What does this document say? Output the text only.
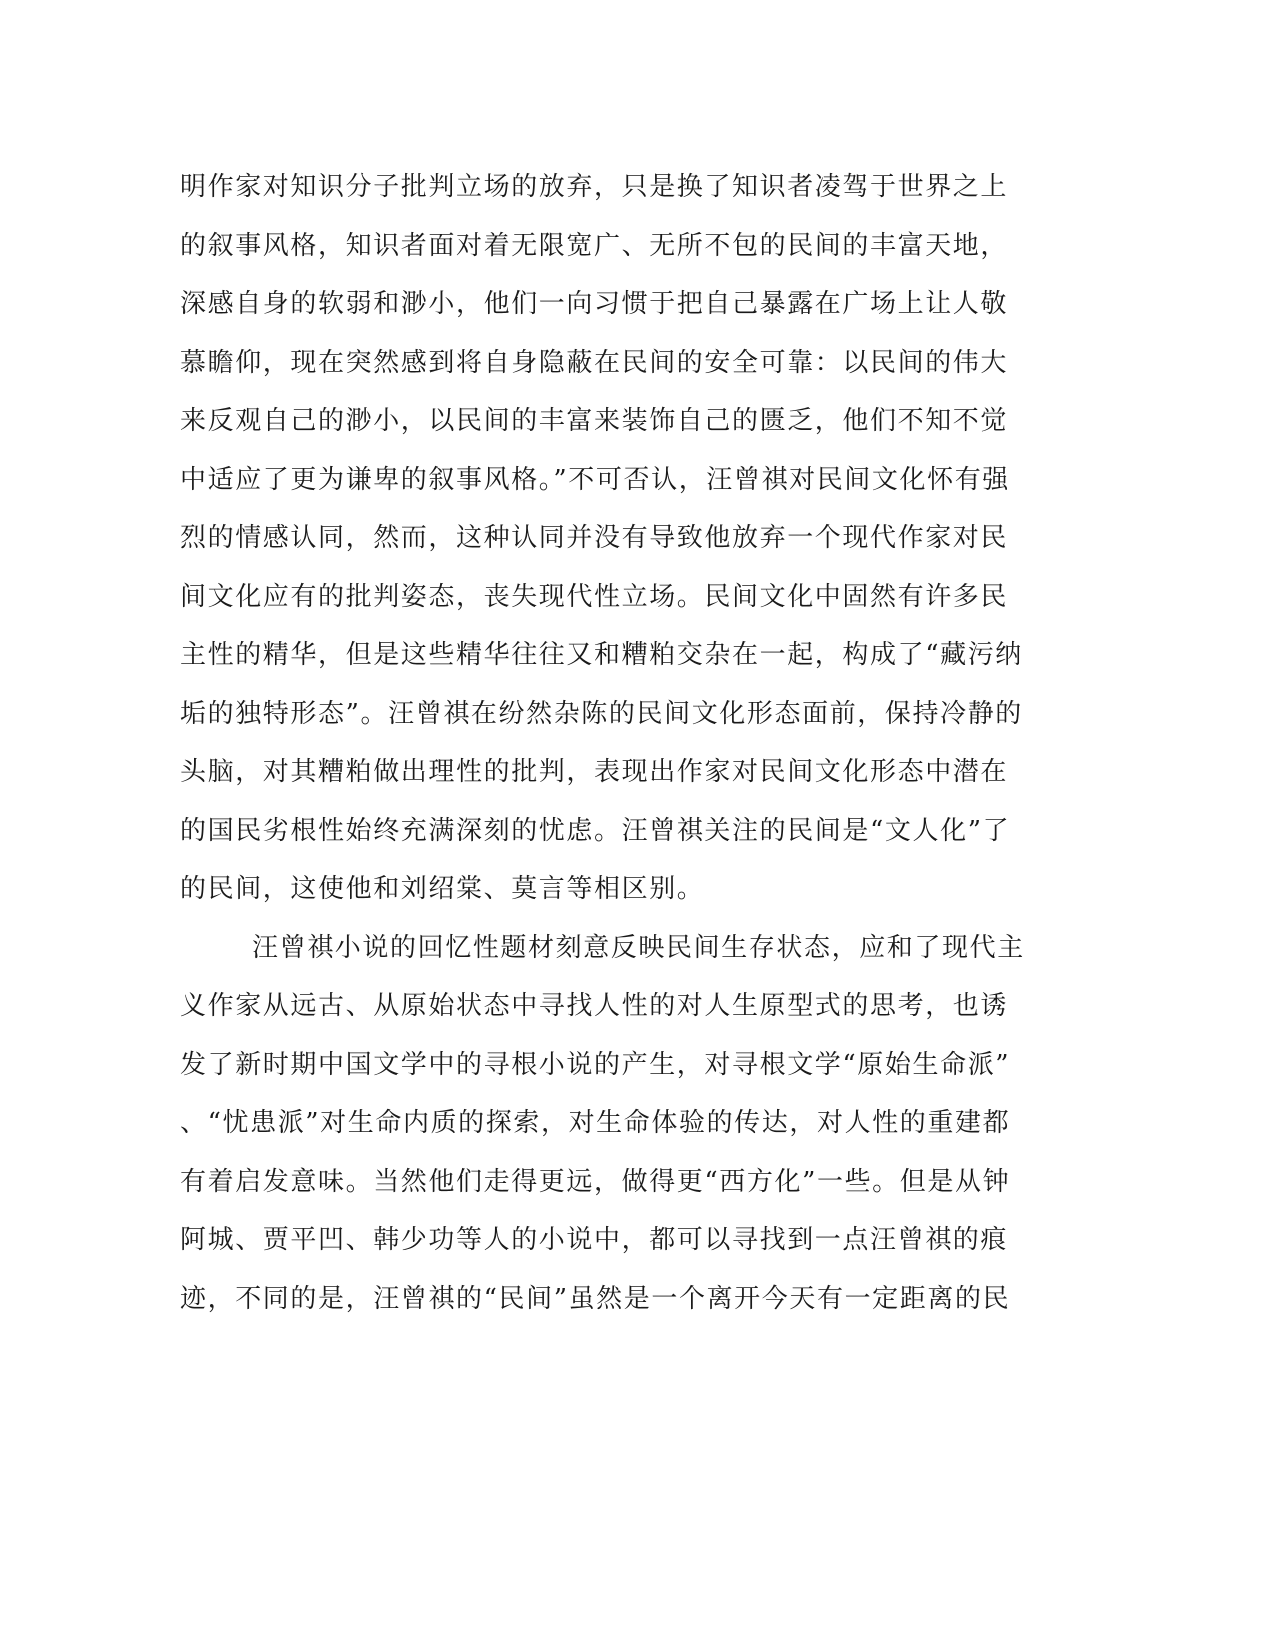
明作家对知识分子批判立场的放弃，只是换了知识者凌驾于世界之上
的叙事风格，知识者面对着无限宽广、无所不包的民间的丰富天地，
深感自身的软弱和渺小，他们一向习惯于把自己暴露在广场上让人敬
慕瞻仰，现在突然感到将自身隐蔽在民间的安全可靠：以民间的伟大
来反观自己的渺小，以民间的丰富来装饰自己的匮乏，他们不知不觉
中适应了更为谦卑的叙事风格。”不可否认，汪曾祺对民间文化怀有强
烈的情感认同，然而，这种认同并没有导致他放弃一个现代作家对民
间文化应有的批判姿态，丧失现代性立场。民间文化中固然有许多民
主性的精华，但是这些精华往往又和糟粕交杂在一起，构成了“藏污纳
垢的独特形态”。汪曾祺在纷然杂陈的民间文化形态面前，保持冷静的
头脑，对其糟粕做出理性的批判，表现出作家对民间文化形态中潜在
的国民劣根性始终充满深刻的忧虑。汪曾祺关注的民间是“文人化”了
的民间，这使他和刘绍棠、莫言等相区别。
汪曾祺小说的回忆性题材刻意反映民间生存状态，应和了现代主
义作家从远古、从原始状态中寻找人性的对人生原型式的思考，也诱
发了新时期中国文学中的寻根小说的产生，对寻根文学“原始生命派”
、“忧患派”对生命内质的探索，对生命体验的传达，对人性的重建都
有着启发意味。当然他们走得更远，做得更“西方化”一些。但是从钟
阿城、贾平凹、韩少功等人的小说中，都可以寻找到一点汪曾祺的痕
迹，不同的是，汪曾祺的“民间”虽然是一个离开今天有一定距离的民
